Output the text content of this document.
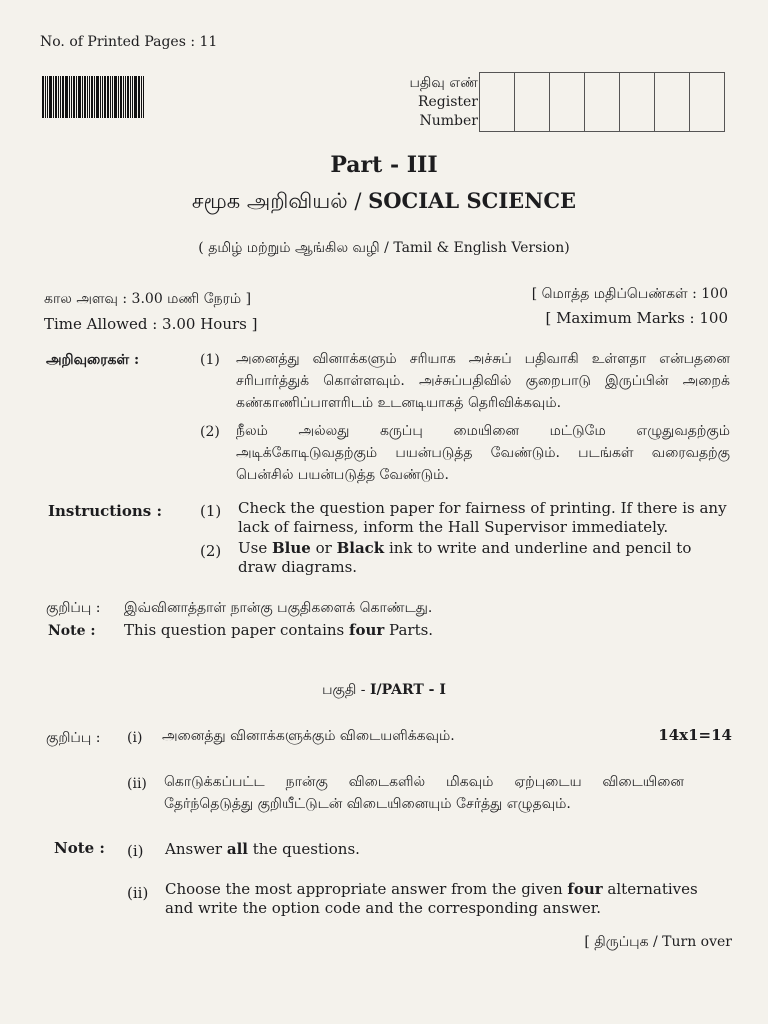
No. of Printed Pages : 11
பதிவு எண்
Register
Number
Part - III
சமூக அறிவியல் / SOCIAL SCIENCE
( தமிழ் மற்றும் ஆங்கில வழி / Tamil & English Version)
கால அளவு : 3.00 மணி நேரம் ]
Time Allowed : 3.00 Hours ]
[ மொத்த மதிப்பெண்கள் : 100
[ Maximum Marks : 100
அறிவுரைகள் :	(1) அனைத்து வினாக்களும் சரியாக அச்சுப் பதிவாகி உள்ளதா என்பதனை சரிபார்த்துக் கொள்ளவும். அச்சுப்பதிவில் குறைபாடு இருப்பின் அறைக் கண்காணிப்பாளரிடம் உடனடியாகத் தெரிவிக்கவும்.
(2) நீலம் அல்லது கருப்பு மையினை மட்டுமே எழுதுவதற்கும் அடிக்கோடிடுவதற்கும் பயன்படுத்த வேண்டும். படங்கள் வரைவதற்கு பென்சில் பயன்படுத்த வேண்டும்.
Instructions :	(1) Check the question paper for fairness of printing. If there is any lack of fairness, inform the Hall Supervisor immediately.
(2) Use Blue or Black ink to write and underline and pencil to draw diagrams.
குறிப்பு : இவ்வினாத்தாள் நான்கு பகுதிகளைக் கொண்டது.
Note : This question paper contains four Parts.
பகுதி - I/PART - I
குறிப்பு : (i) அனைத்து வினாக்களுக்கும் விடையளிக்கவும்.	14x1=14
(ii) கொடுக்கப்பட்ட நான்கு விடைகளில் மிகவும் ஏற்புடைய விடையினை தேர்ந்தெடுத்து குறியீட்டுடன் விடையினையும் சேர்த்து எழுதவும்.
Note : (i) Answer all the questions.
(ii) Choose the most appropriate answer from the given four alternatives and write the option code and the corresponding answer.
[ திருப்புக / Turn over
